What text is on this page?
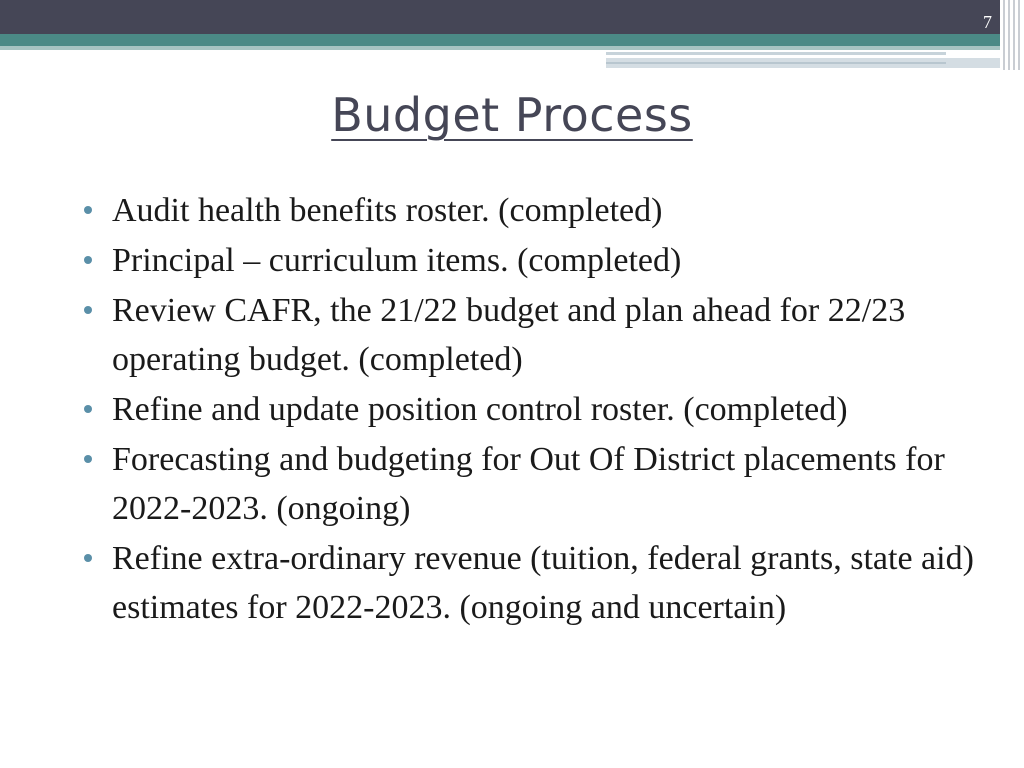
7
Budget Process
Audit health benefits roster. (completed)
Principal – curriculum items. (completed)
Review CAFR, the 21/22 budget and plan ahead for 22/23 operating budget. (completed)
Refine and update position control roster. (completed)
Forecasting and budgeting for Out Of District placements for 2022-2023. (ongoing)
Refine extra-ordinary revenue (tuition, federal grants, state aid) estimates for 2022-2023. (ongoing and uncertain)
